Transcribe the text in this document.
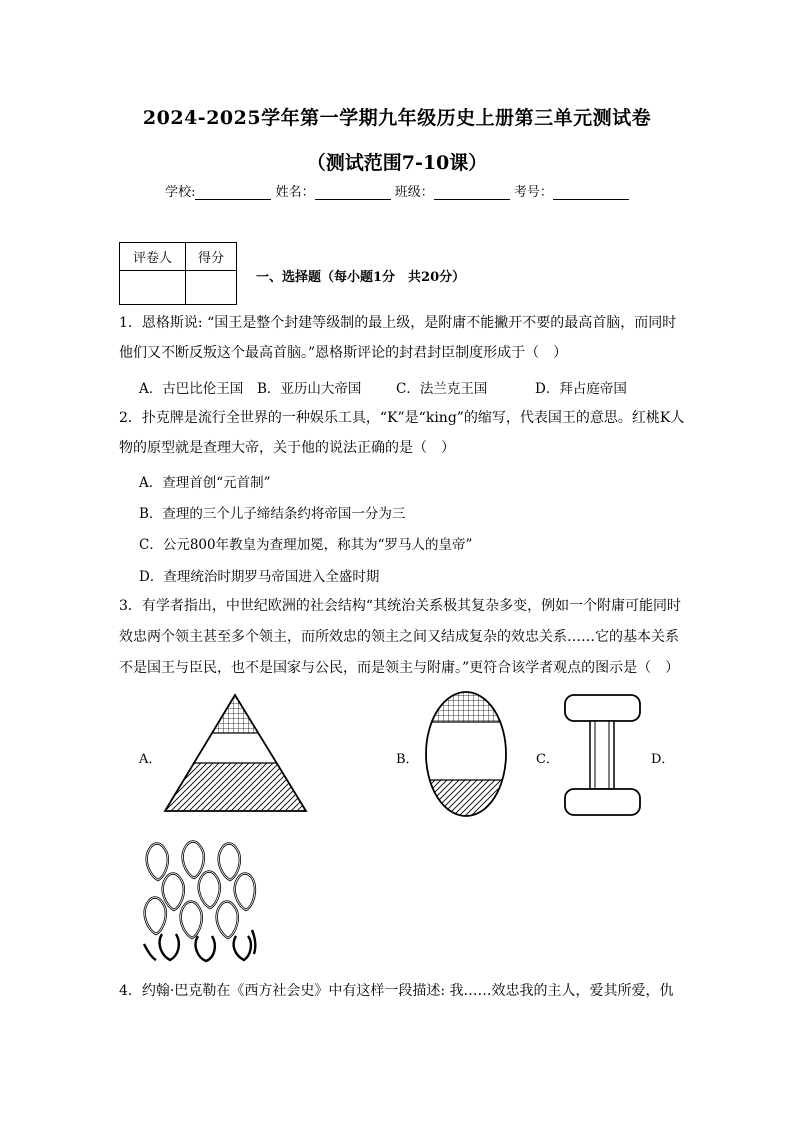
2024-2025学年第一学期九年级历史上册第三单元测试卷
（测试范围7-10课）
学校:	姓名：	班级：	考号：
评卷人	得分

一、选择题（每小题1分　共20分）
1．恩格斯说: “国王是整个封建等级制的最上级，是附庸不能撇开不要的最高首脑，而同时
他们又不断反叛这个最高首脑。”恩格斯评论的封君封臣制度形成于（　）
A．古巴比伦王国 B．亚历山大帝国	C．法兰克王国	D．拜占庭帝国
2．扑克牌是流行全世界的一种娱乐工具，“K”是“king”的缩写，代表国王的意思。红桃K人
物的原型就是查理大帝，关于他的说法正确的是（　）
A．查理首创“元首制”
B．查理的三个儿子缔结条约将帝国一分为三
C．公元800年教皇为查理加冕，称其为“罗马人的皇帝”
D．查理统治时期罗马帝国进入全盛时期
3．有学者指出，中世纪欧洲的社会结构“其统治关系极其复杂多变，例如一个附庸可能同时
效忠两个领主甚至多个领主，而所效忠的领主之间又结成复杂的效忠关系……它的基本关系
不是国王与臣民，也不是国家与公民，而是领主与附庸。”更符合该学者观点的图示是（　）
A．	B．	C．	D．
4．约翰·巴克勒在《西方社会史》中有这样一段描述: 我……效忠我的主人，爱其所爱，仇
